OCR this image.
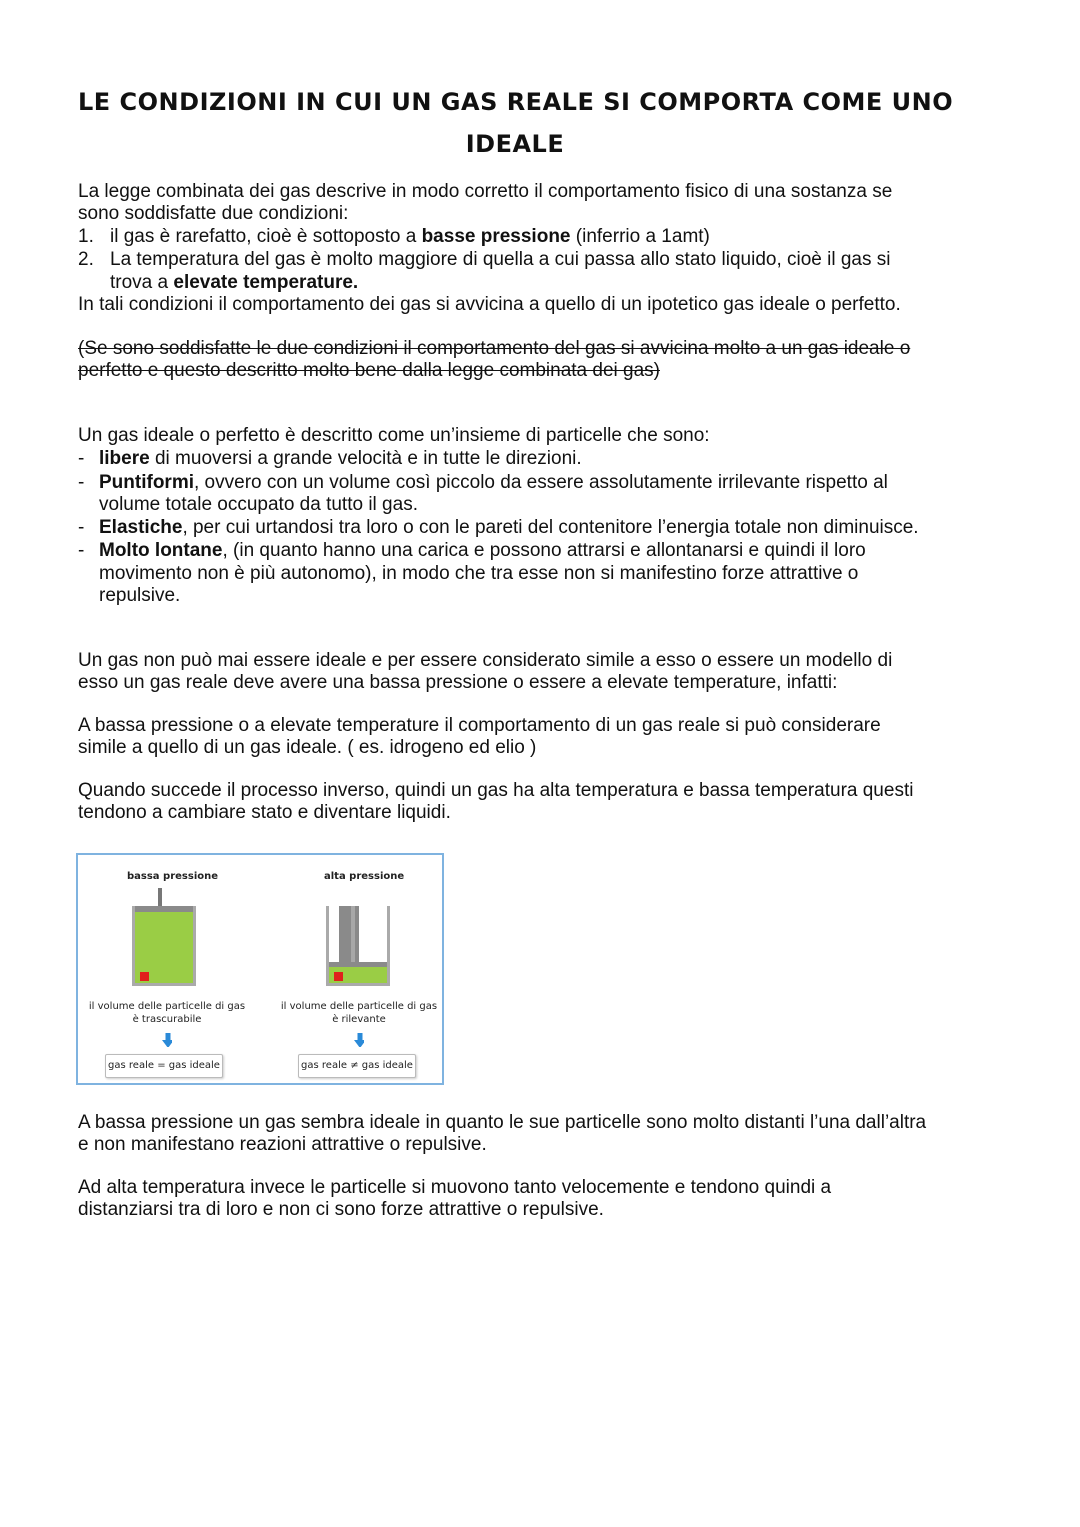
LE CONDIZIONI IN CUI UN GAS REALE SI COMPORTA COME UNO
IDEALE

La legge combinata dei gas descrive in modo corretto il comportamento fisico di una sostanza se

sono soddisfatte due condizioni:

1. il gas è rarefatto, cioè è sottoposto a basse pressione (inferrio a 1amt)

2. La temperatura del gas è molto maggiore di quella a cui passa allo stato liquido, cioè il gas si

trova a elevate temperature.

In tali condizioni il comportamento dei gas si avvicina a quello di un ipotetico gas ideale o perfetto.

(Se sono soddisfatte le due condizioni il comportamento del gas si avvicina molto a un gas ideale o

perfetto e questo descritto molto bene dalla legge combinata dei gas)

Un gas ideale o perfetto è descritto come un’insieme di particelle che sono:

- libere di muoversi a grande velocità e in tutte le direzioni.

- Puntiformi, ovvero con un volume così piccolo da essere assolutamente irrilevante rispetto al

volume totale occupato da tutto il gas.

- Elastiche, per cui urtandosi tra loro o con le pareti del contenitore l’energia totale non diminuisce.

- Molto lontane, (in quanto hanno una carica e possono attrarsi e allontanarsi e quindi il loro

movimento non è più autonomo), in modo che tra esse non si manifestino forze attrattive o

repulsive.

Un gas non può mai essere ideale e per essere considerato simile a esso o essere un modello di

esso un gas reale deve avere una bassa pressione o essere a elevate temperature, infatti:

A bassa pressione o a elevate temperature il comportamento di un gas reale si può considerare

simile a quello di un gas ideale. ( es. idrogeno ed elio )

Quando succede il processo inverso, quindi un gas ha alta temperatura e bassa temperatura questi

tendono a cambiare stato e diventare liquidi.

bassa pressione
il volume delle particelle di gas
è trascurabile
gas reale = gas ideale
alta pressione
il volume delle particelle di gas
è rilevante
gas reale ≠ gas ideale

A bassa pressione un gas sembra ideale in quanto le sue particelle sono molto distanti l’una dall’altra

e non manifestano reazioni attrattive o repulsive.

Ad alta temperatura invece le particelle si muovono tanto velocemente e tendono quindi a

distanziarsi tra di loro e non ci sono forze attrattive o repulsive.
